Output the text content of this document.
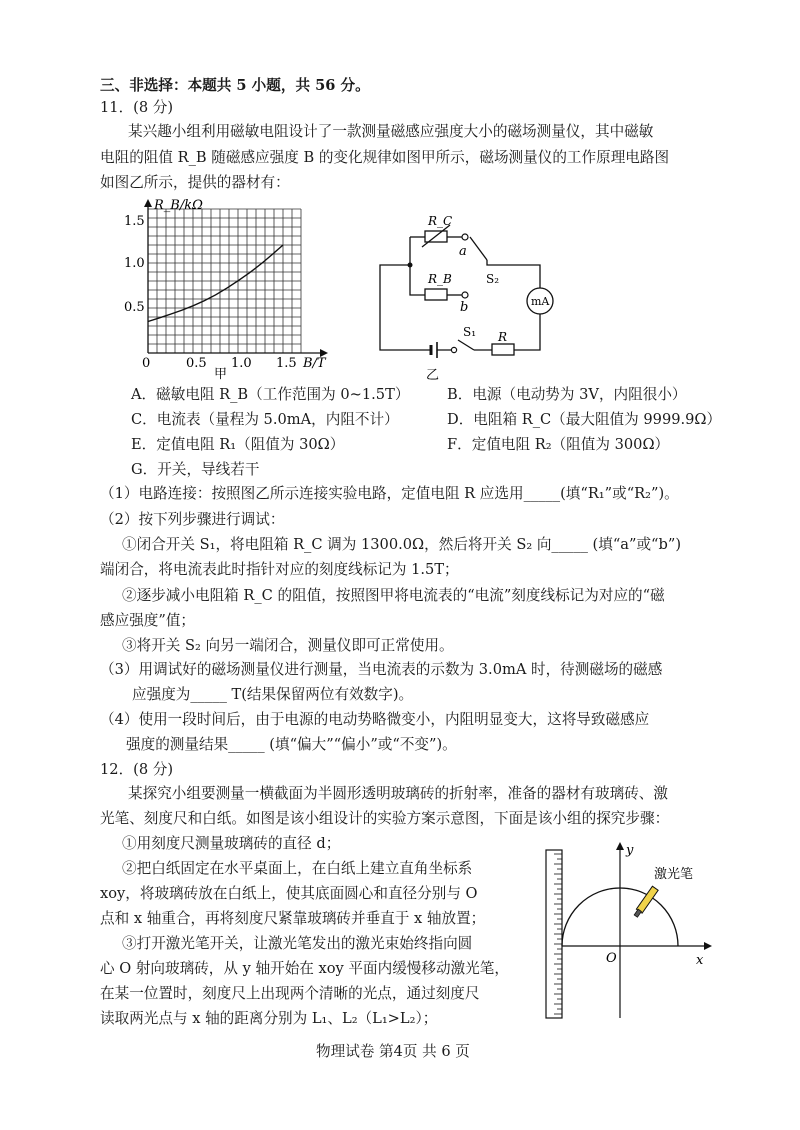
三、非选择：本题共 5 小题，共 56 分。
11．(8 分)
某兴趣小组利用磁敏电阻设计了一款测量磁感应强度大小的磁场测量仪，其中磁敏
电阻的阻值 R_B 随磁感应强度 B 的变化规律如图甲所示，磁场测量仪的工作原理电路图
如图乙所示，提供的器材有：
R_B/kΩ
1.5
1.0
0.5
0	0.5 1.0 1.5 B/T
甲
R_C
R_B
a
b
S₂
mA
S₁ R
乙
A．磁敏电阻 R_B（工作范围为 0~1.5T）	B．电源（电动势为 3V，内阻很小）
C．电流表（量程为 5.0mA，内阻不计）	D．电阻箱 R_C（最大阻值为 9999.9Ω）
E．定值电阻 R₁（阻值为 30Ω）	F．定值电阻 R₂（阻值为 300Ω）
G．开关，导线若干
（1）电路连接：按照图乙所示连接实验电路，定值电阻 R 应选用_____(填“R₁”或“R₂”)。
（2）按下列步骤进行调试：
①闭合开关 S₁，将电阻箱 R_C 调为 1300.0Ω，然后将开关 S₂ 向_____ (填“a”或“b”)
端闭合，将电流表此时指针对应的刻度线标记为 1.5T；
②逐步减小电阻箱 R_C 的阻值，按照图甲将电流表的“电流”刻度线标记为对应的“磁
感应强度”值；
③将开关 S₂ 向另一端闭合，测量仪即可正常使用。
（3）用调试好的磁场测量仪进行测量，当电流表的示数为 3.0mA 时，待测磁场的磁感
应强度为_____ T(结果保留两位有效数字)。
（4）使用一段时间后，由于电源的电动势略微变小，内阻明显变大，这将导致磁感应
强度的测量结果_____ (填“偏大”“偏小”或“不变”)。
12．(8 分)
某探究小组要测量一横截面为半圆形透明玻璃砖的折射率，准备的器材有玻璃砖、激
光笔、刻度尺和白纸。如图是该小组设计的实验方案示意图，下面是该小组的探究步骤：
①用刻度尺测量玻璃砖的直径 d；
②把白纸固定在水平桌面上，在白纸上建立直角坐标系
xoy，将玻璃砖放在白纸上，使其底面圆心和直径分别与 O
点和 x 轴重合，再将刻度尺紧靠玻璃砖并垂直于 x 轴放置；
③打开激光笔开关，让激光笔发出的激光束始终指向圆
心 O 射向玻璃砖，从 y 轴开始在 xoy 平面内缓慢移动激光笔，
在某一位置时，刻度尺上出现两个清晰的光点，通过刻度尺
读取两光点与 x 轴的距离分别为 L₁、L₂（L₁>L₂）；
y
x
O
激光笔
物理试卷 第4页 共 6 页
